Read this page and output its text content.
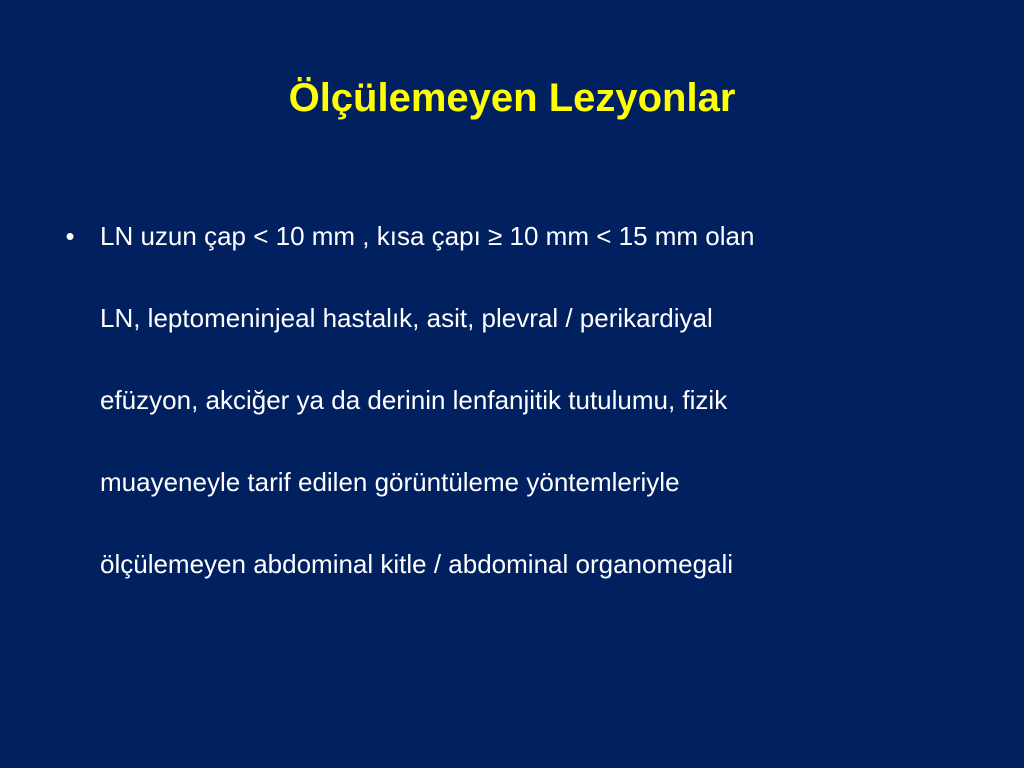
Ölçülemeyen Lezyonlar
• LN uzun çap < 10 mm , kısa çapı ≥ 10 mm < 15 mm olan
LN, leptomeninjeal hastalık, asit, plevral / perikardiyal
efüzyon, akciğer ya da derinin lenfanjitik tutulumu, fizik
muayeneyle tarif edilen görüntüleme yöntemleriyle
ölçülemeyen abdominal kitle / abdominal organomegali
